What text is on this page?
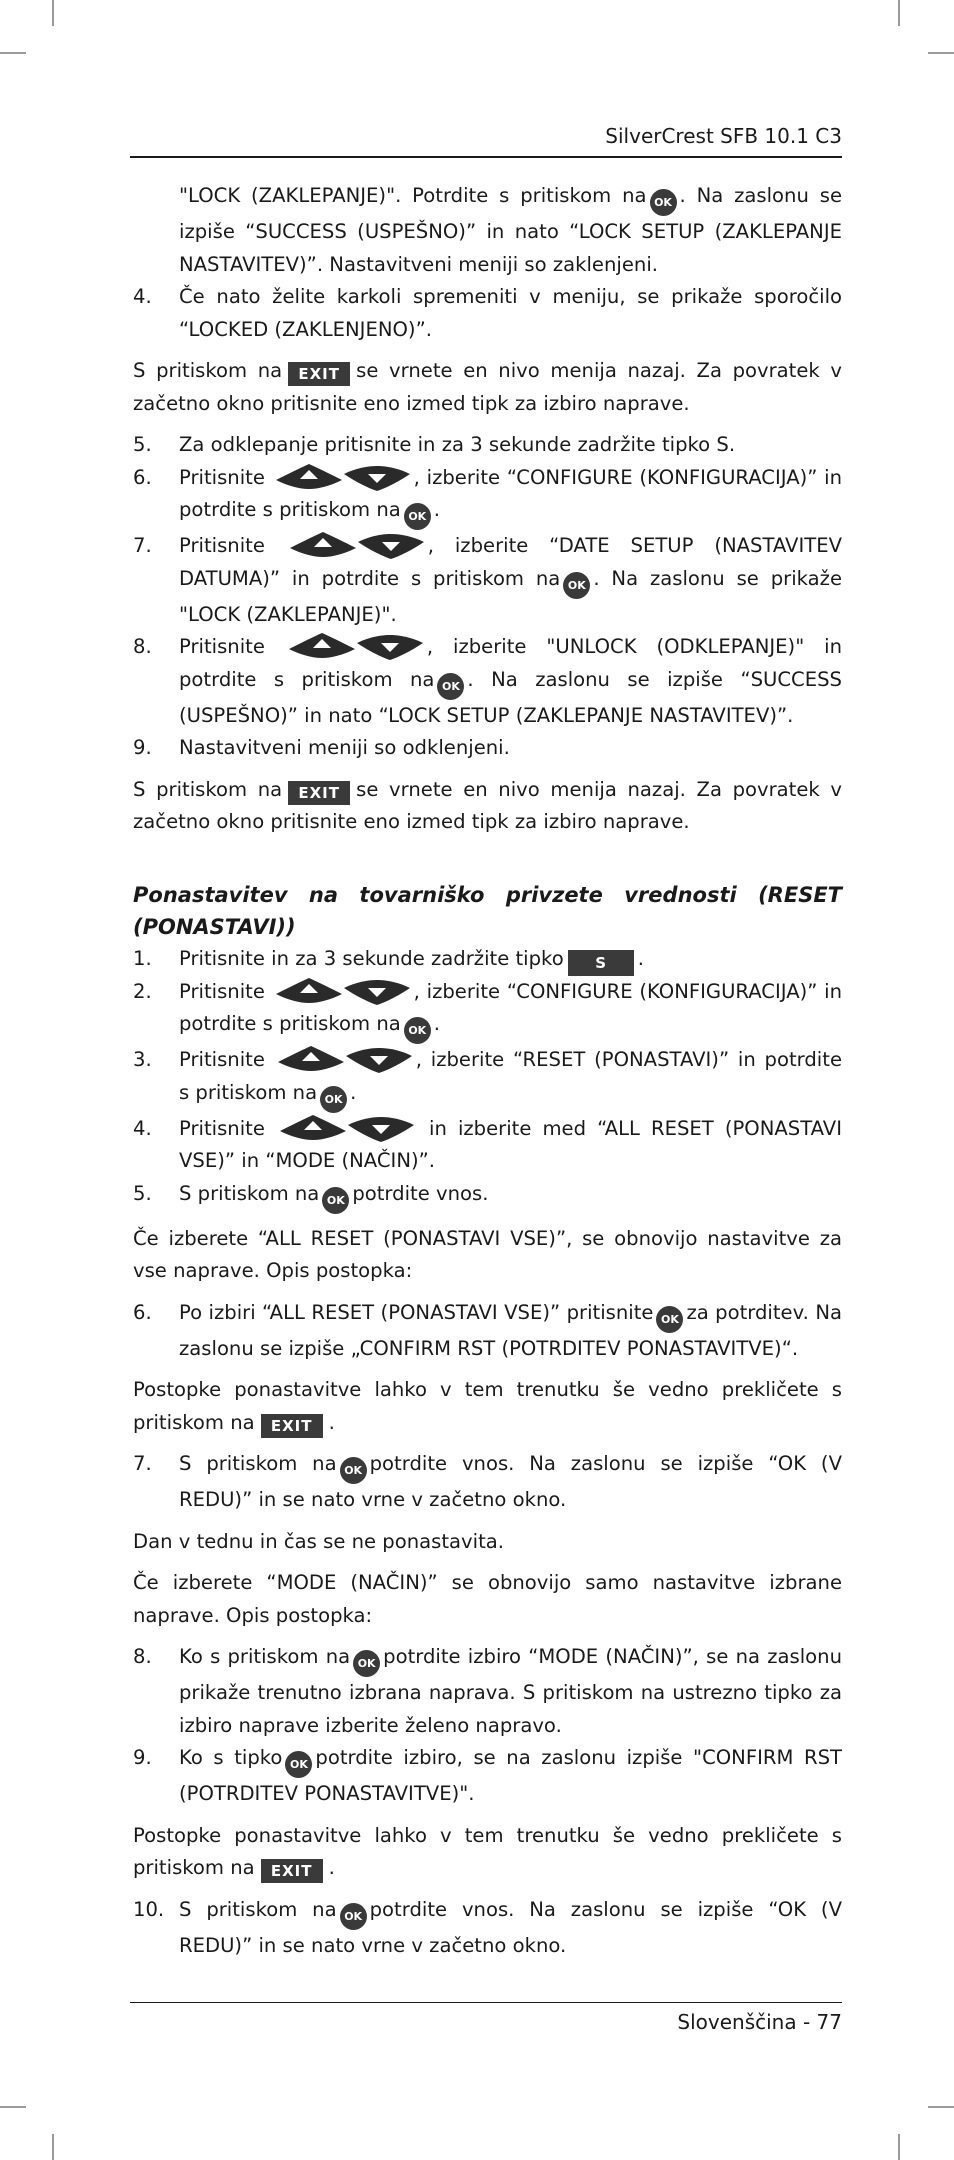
SilverCrest SFB 10.1 C3
"LOCK (ZAKLEPANJE)". Potrdite s pritiskom na OK . Na zaslonu se izpiše “SUCCESS (USPEŠNO)” in nato “LOCK SETUP (ZAKLEPANJE NASTAVITEV)”. Nastavitveni meniji so zaklenjeni.
4. Če nato želite karkoli spremeniti v meniju, se prikaže sporočilo “LOCKED (ZAKLENJENO)”.

S pritiskom na EXIT se vrnete en nivo menija nazaj. Za povratek v začetno okno pritisnite eno izmed tipk za izbiro naprave.

5. Za odklepanje pritisnite in za 3 sekunde zadržite tipko S.
6. Pritisnite	, izberite “CONFIGURE (KONFIGURACIJA)” in potrdite s pritiskom na OK .
7. Pritisnite	, izberite “DATE SETUP (NASTAVITEV DATUMA)” in potrdite s pritiskom na OK . Na zaslonu se prikaže "LOCK (ZAKLEPANJE)".
8. Pritisnite	, izberite "UNLOCK (ODKLEPANJE)" in potrdite s pritiskom na OK . Na zaslonu se izpiše “SUCCESS (USPEŠNO)” in nato “LOCK SETUP (ZAKLEPANJE NASTAVITEV)”.
9. Nastavitveni meniji so odklenjeni.

S pritiskom na EXIT se vrnete en nivo menija nazaj. Za povratek v začetno okno pritisnite eno izmed tipk za izbiro naprave.

Ponastavitev na tovarniško privzete vrednosti (RESET (PONASTAVI))
1. Pritisnite in za 3 sekunde zadržite tipko S .
2. Pritisnite	, izberite “CONFIGURE (KONFIGURACIJA)” in potrdite s pritiskom na OK .
3. Pritisnite	, izberite “RESET (PONASTAVI)” in potrdite s pritiskom na OK .
4. Pritisnite	in izberite med “ALL RESET (PONASTAVI VSE)” in “MODE (NAČIN)”.
5. S pritiskom na OK potrdite vnos.

Če izberete “ALL RESET (PONASTAVI VSE)”, se obnovijo nastavitve za vse naprave. Opis postopka:

6. Po izbiri “ALL RESET (PONASTAVI VSE)” pritisnite OK za potrditev. Na zaslonu se izpiše „CONFIRM RST (POTRDITEV PONASTAVITVE)“.

Postopke ponastavitve lahko v tem trenutku še vedno prekličete s pritiskom na EXIT .

7. S pritiskom na OK potrdite vnos. Na zaslonu se izpiše “OK (V REDU)” in se nato vrne v začetno okno.

Dan v tednu in čas se ne ponastavita.

Če izberete “MODE (NAČIN)” se obnovijo samo nastavitve izbrane naprave. Opis postopka:

8. Ko s pritiskom na OK potrdite izbiro “MODE (NAČIN)”, se na zaslonu prikaže trenutno izbrana naprava. S pritiskom na ustrezno tipko za izbiro naprave izberite želeno napravo.
9. Ko s tipko OK potrdite izbiro, se na zaslonu izpiše "CONFIRM RST (POTRDITEV PONASTAVITVE)".

Postopke ponastavitve lahko v tem trenutku še vedno prekličete s pritiskom na EXIT .

10. S pritiskom na OK potrdite vnos. Na zaslonu se izpiše “OK (V REDU)” in se nato vrne v začetno okno.
Slovenščina - 77
